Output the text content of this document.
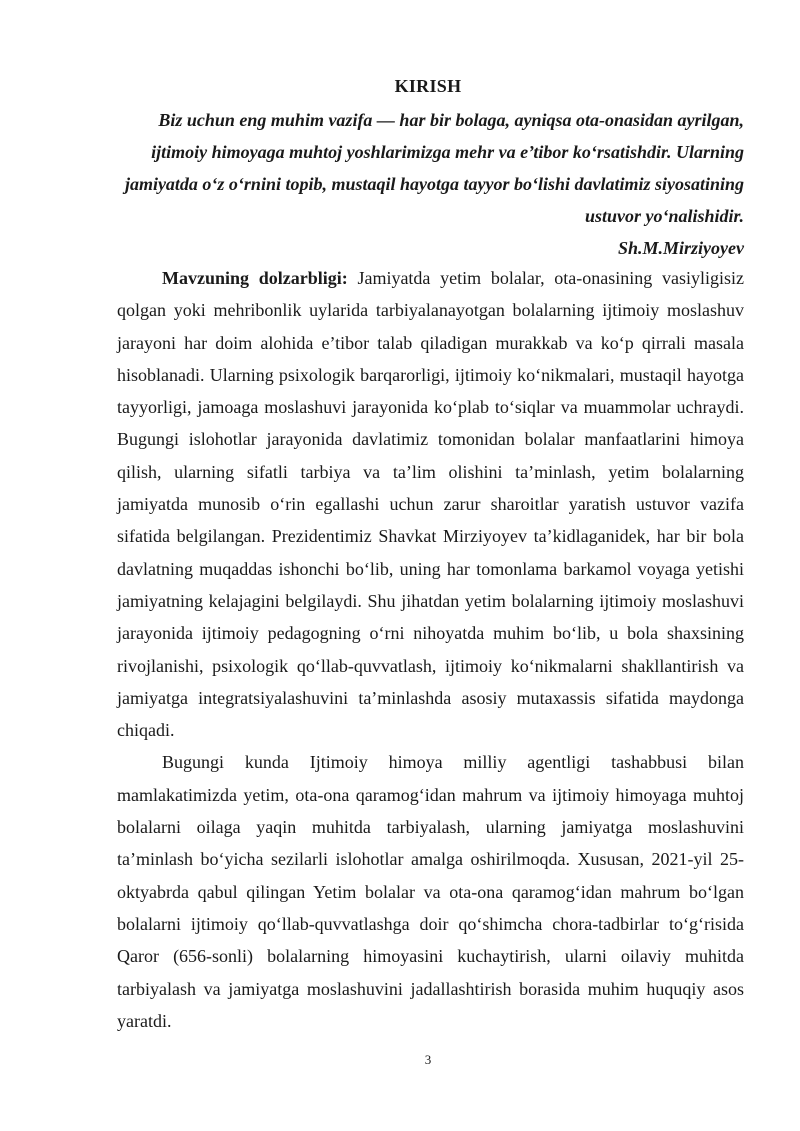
KIRISH
Biz uchun eng muhim vazifa — har bir bolaga, ayniqsa ota-onasidan ayrilgan, ijtimoiy himoyaga muhtoj yoshlarimizga mehr va e’tibor ko‘rsatishdir. Ularning jamiyatda o‘z o‘rnini topib, mustaqil hayotga tayyor bo‘lishi davlatimiz siyosatining ustuvor yo‘nalishidir.
Sh.M.Mirziyoyev

Mavzuning dolzarbligi: Jamiyatda yetim bolalar, ota-onasining vasiyligisiz qolgan yoki mehribonlik uylarida tarbiyalanayotgan bolalarning ijtimoiy moslashuv jarayoni har doim alohida e’tibor talab qiladigan murakkab va ko‘p qirrali masala hisoblanadi. Ularning psixologik barqarorligi, ijtimoiy ko‘nikmalari, mustaqil hayotga tayyorligi, jamoaga moslashuvi jarayonida ko‘plab to‘siqlar va muammolar uchraydi. Bugungi islohotlar jarayonida davlatimiz tomonidan bolalar manfaatlarini himoya qilish, ularning sifatli tarbiya va ta’lim olishini ta’minlash, yetim bolalarning jamiyatda munosib o‘rin egallashi uchun zarur sharoitlar yaratish ustuvor vazifa sifatida belgilangan. Prezidentimiz Shavkat Mirziyoyev ta’kidlaganidek, har bir bola davlatning muqaddas ishonchi bo‘lib, uning har tomonlama barkamol voyaga yetishi jamiyatning kelajagini belgilaydi. Shu jihatdan yetim bolalarning ijtimoiy moslashuvi jarayonida ijtimoiy pedagogning o‘rni nihoyatda muhim bo‘lib, u bola shaxsining rivojlanishi, psixologik qo‘llab-quvvatlash, ijtimoiy ko‘nikmalarni shakllantirish va jamiyatga integratsiyalashuvini ta’minlashda asosiy mutaxassis sifatida maydonga chiqadi.

Bugungi kunda Ijtimoiy himoya milliy agentligi tashabbusi bilan mamlakatimizda yetim, ota-ona qaramog‘idan mahrum va ijtimoiy himoyaga muhtoj bolalarni oilaga yaqin muhitda tarbiyalash, ularning jamiyatga moslashuvini ta’minlash bo‘yicha sezilarli islohotlar amalga oshirilmoqda. Xususan, 2021-yil 25-oktyabrda qabul qilingan Yetim bolalar va ota-ona qaramog‘idan mahrum bo‘lgan bolalarni ijtimoiy qo‘llab-quvvatlashga doir qo‘shimcha chora-tadbirlar to‘g‘risida Qaror (656-sonli) bolalarning himoyasini kuchaytirish, ularni oilaviy muhitda tarbiyalash va jamiyatga moslashuvini jadallashtirish borasida muhim huquqiy asos yaratdi.

3
